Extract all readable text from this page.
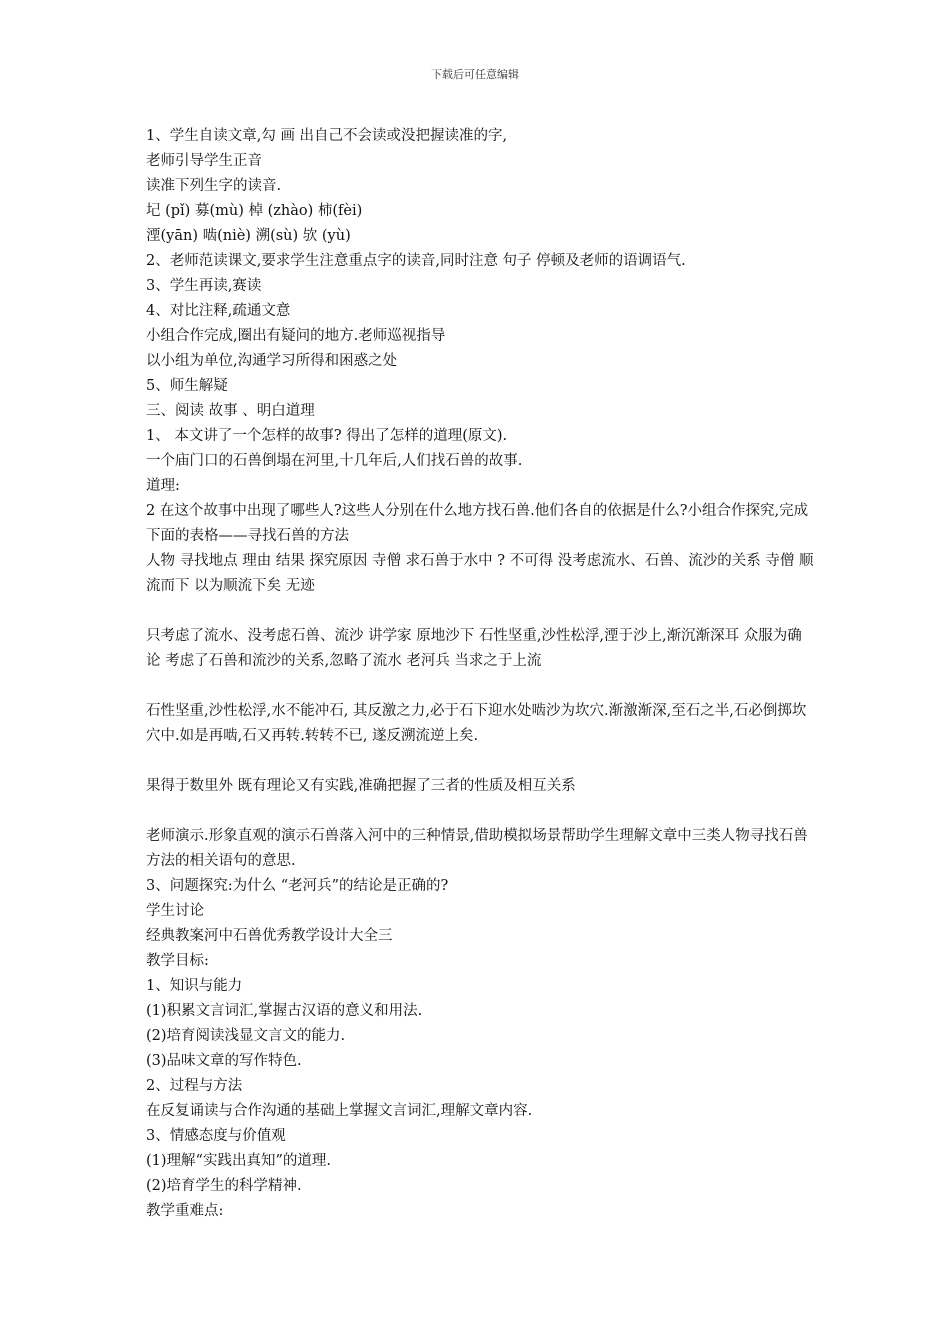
下载后可任意编辑
1、学生自读文章,勾 画 出自己不会读或没把握读准的字,
老师引导学生正音
读准下列生字的读音.
圮 (pǐ) 募(mù) 棹 (zhào) 柿(fèi)
湮(yān) 啮(niè) 溯(sù) 欤 (yù)
2、老师范读课文,要求学生注意重点字的读音,同时注意 句子 停顿及老师的语调语气.
3、学生再读,赛读
4、对比注释,疏通文意
小组合作完成,圈出有疑问的地方.老师巡视指导
以小组为单位,沟通学习所得和困惑之处
5、师生解疑
三、阅读 故事 、明白道理
1、 本文讲了一个怎样的故事? 得出了怎样的道理(原文).
一个庙门口的石兽倒塌在河里,十几年后,人们找石兽的故事.
道理:
2 在这个故事中出现了哪些人?这些人分别在什么地方找石兽.他们各自的依据是什么?小组合作探究,完成下面的表格——寻找石兽的方法
人物 寻找地点 理由 结果 探究原因 寺僧 求石兽于水中 ? 不可得 没考虑流水、石兽、流沙的关系 寺僧 顺流而下 以为顺流下矣 无迹
只考虑了流水、没考虑石兽、流沙 讲学家 原地沙下 石性坚重,沙性松浮,湮于沙上,渐沉渐深耳 众服为确论 考虑了石兽和流沙的关系,忽略了流水 老河兵 当求之于上流
石性坚重,沙性松浮,水不能冲石, 其反激之力,必于石下迎水处啮沙为坎穴.渐激渐深,至石之半,石必倒掷坎穴中.如是再啮,石又再转.转转不已, 遂反溯流逆上矣.
果得于数里外 既有理论又有实践,准确把握了三者的性质及相互关系
老师演示.形象直观的演示石兽落入河中的三种情景,借助模拟场景帮助学生理解文章中三类人物寻找石兽方法的相关语句的意思.
3、问题探究:为什么 “老河兵”的结论是正确的?
学生讨论
经典教案河中石兽优秀教学设计大全三
教学目标:
1、知识与能力
(1)积累文言词汇,掌握古汉语的意义和用法.
(2)培育阅读浅显文言文的能力.
(3)品味文章的写作特色.
2、过程与方法
在反复诵读与合作沟通的基础上掌握文言词汇,理解文章内容.
3、情感态度与价值观
(1)理解“实践出真知”的道理.
(2)培育学生的科学精神.
教学重难点:
